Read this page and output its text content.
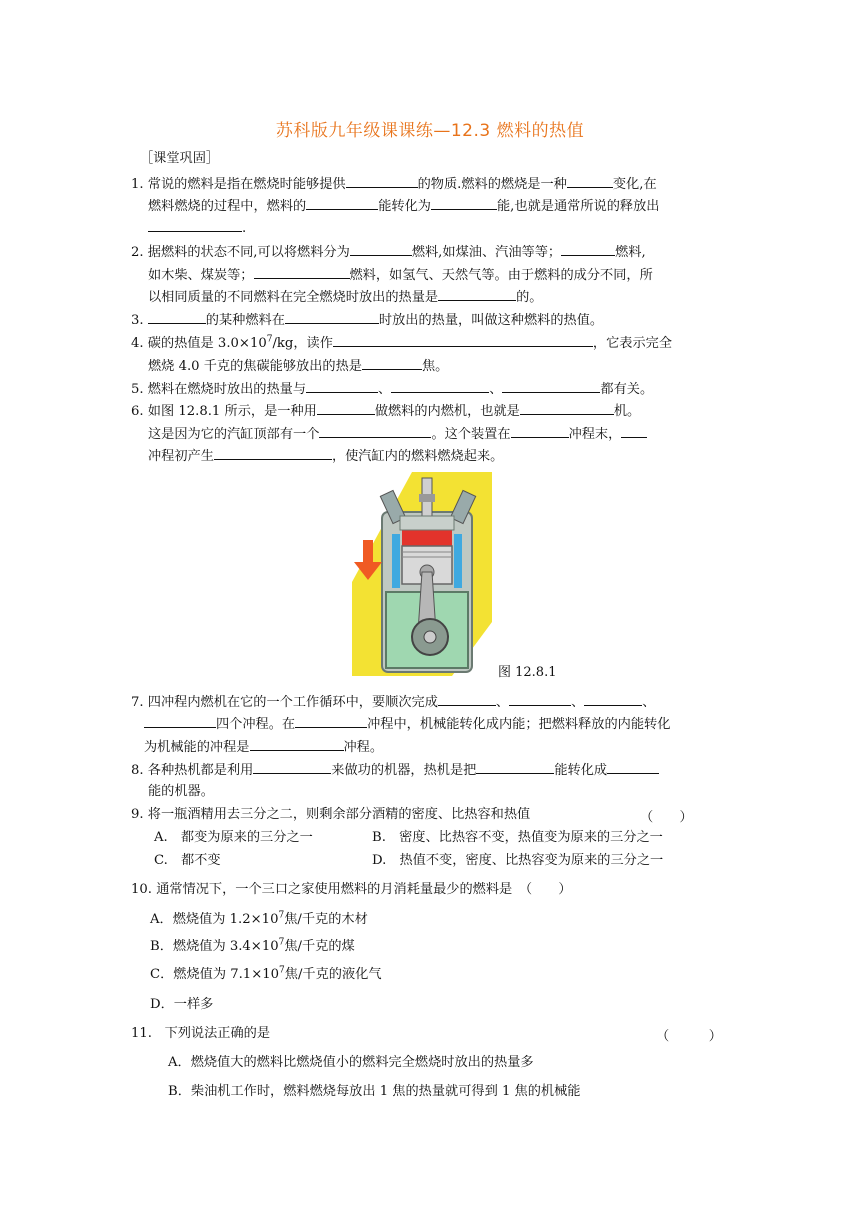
苏科版九年级课课练—12.3 燃料的热值
［课堂巩固］
1. 常说的燃料是指在燃烧时能够提供	的物质.燃料的燃烧是一种	变化,在
燃料燃烧的过程中，燃料的	能转化为	能,也就是通常所说的释放出
.
2. 据燃料的状态不同,可以将燃料分为	燃料,如煤油、汽油等等；	燃料,
如木柴、煤炭等；	燃料，如氢气、天然气等。由于燃料的成分不同，所
以相同质量的不同燃料在完全燃烧时放出的热量是	的。
3.	的某种燃料在	时放出的热量，叫做这种燃料的热值。
4. 碳的热值是 $3.0\times 10^7/kg$，读作	，它表示完全
燃烧 4.0 千克的焦碳能够放出的热是	焦。
5. 燃料在燃烧时放出的热量与	、	、	都有关。
6. 如图 12.8.1 所示，是一种用	做燃料的内燃机，也就是	机。
这是因为它的汽缸顶部有一个	。这个装置在	冲程末，
冲程初产生	，使汽缸内的燃料燃烧起来。
图 12.8.1
7. 四冲程内燃机在它的一个工作循环中，要顺次完成	、	、	、
四个冲程。在	冲程中，机械能转化成内能；把燃料释放的内能转化
为机械能的冲程是	冲程。
8. 各种热机都是利用	来做功的机器，热机是把	能转化成
能的机器。
9. 将一瓶酒精用去三分之二，则剩余部分酒精的密度、比热容和热值	（　　）
A.　都变为原来的三分之一	B.　密度、比热容不变，热值变为原来的三分之一
C.　都不变	D.　热值不变，密度、比热容变为原来的三分之一
10. 通常情况下，一个三口之家使用燃料的月消耗量最少的燃料是　（　　）
A．燃烧值为 $1.2\times 10^7$焦/千克的木材
B．燃烧值为 $3.4\times 10^7$焦/千克的煤
C．燃烧值为 $7.1\times 10^7$焦/千克的液化气
D．一样多
11. 下列说法正确的是	（　　　）
A．燃烧值大的燃料比燃烧值小的燃料完全燃烧时放出的热量多
B．柴油机工作时，燃料燃烧每放出 1 焦的热量就可得到 1 焦的机械能
